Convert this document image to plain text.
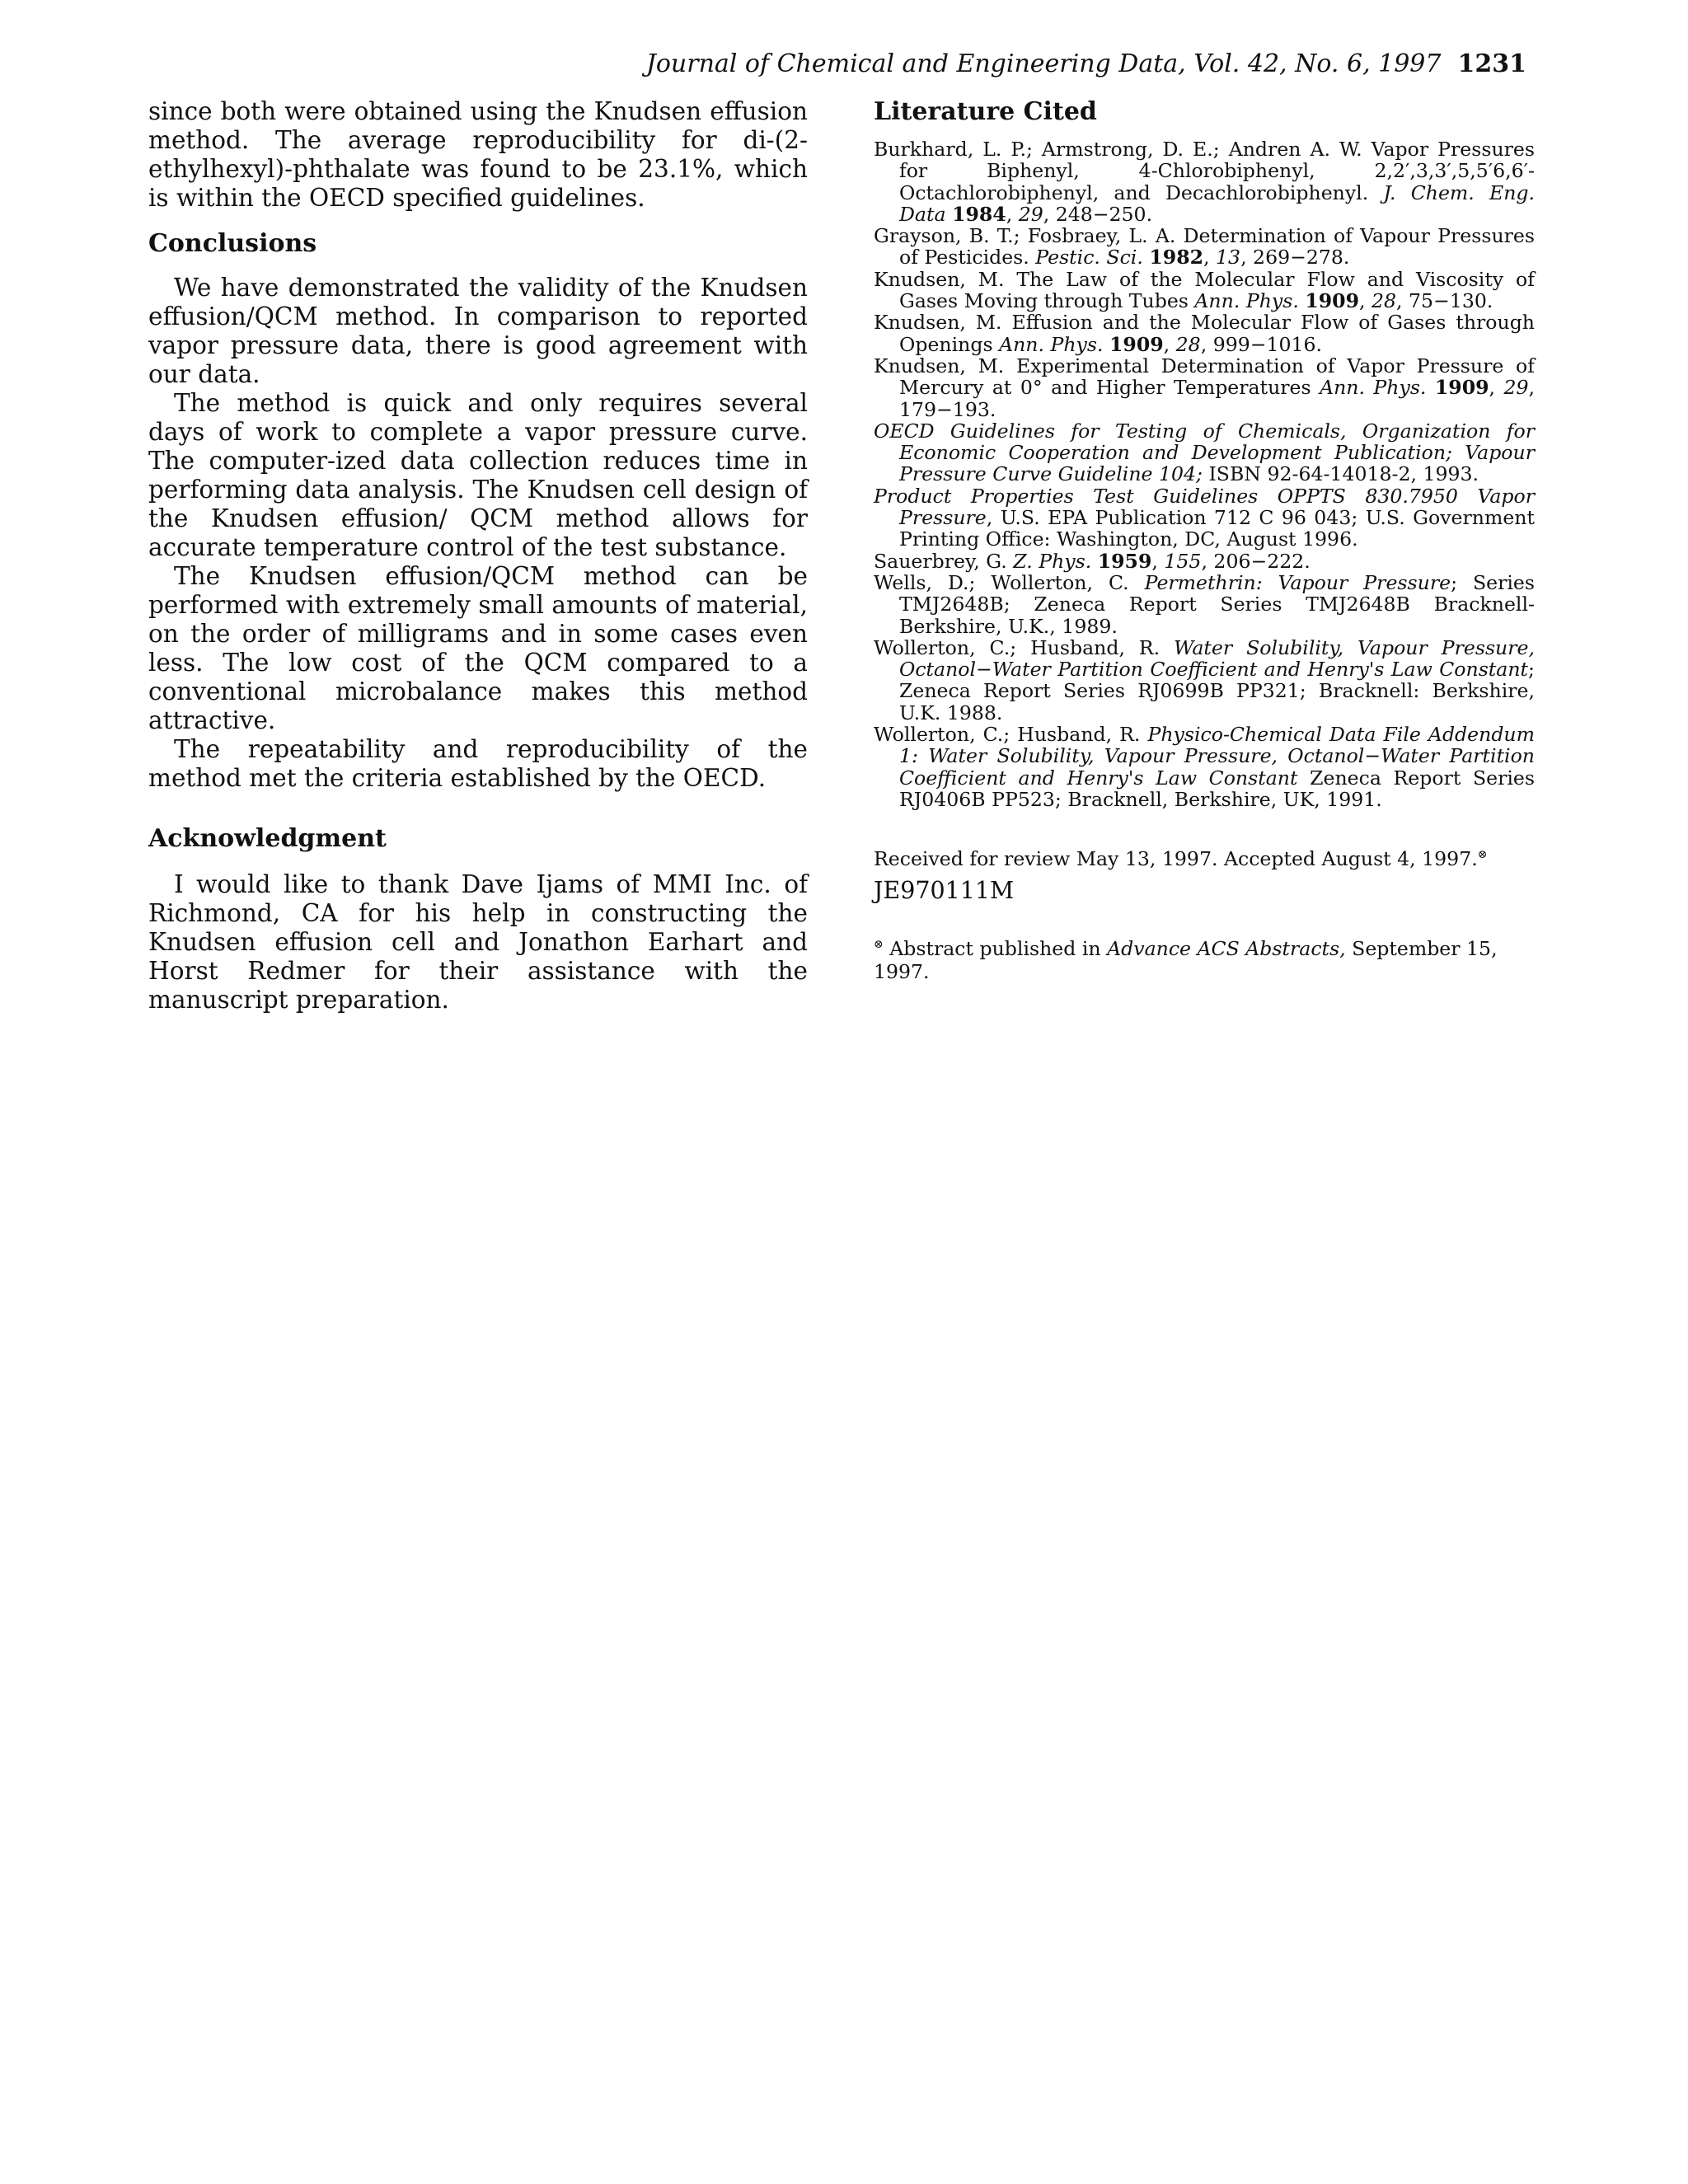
Journal of Chemical and Engineering Data, Vol. 42, No. 6, 1997 1231

since both were obtained using the Knudsen effusion method. The average reproducibility for di-(2-ethylhexyl)-phthalate was found to be 23.1%, which is within the OECD specified guidelines.

Conclusions

We have demonstrated the validity of the Knudsen effusion/QCM method. In comparison to reported vapor pressure data, there is good agreement with our data.

The method is quick and only requires several days of work to complete a vapor pressure curve. The computer-ized data collection reduces time in performing data analysis. The Knudsen cell design of the Knudsen effusion/ QCM method allows for accurate temperature control of the test substance.

The Knudsen effusion/QCM method can be performed with extremely small amounts of material, on the order of milligrams and in some cases even less. The low cost of the QCM compared to a conventional microbalance makes this method attractive.

The repeatability and reproducibility of the method met the criteria established by the OECD.

Acknowledgment

I would like to thank Dave Ijams of MMI Inc. of Richmond, CA for his help in constructing the Knudsen effusion cell and Jonathon Earhart and Horst Redmer for their assistance with the manuscript preparation.

Literature Cited
Burkhard, L. P.; Armstrong, D. E.; Andren A. W. Vapor Pressures for Biphenyl, 4-Chlorobiphenyl, 2,2′,3,3′,5,5′6,6′-Octachlorobiphenyl, and Decachlorobiphenyl. J. Chem. Eng. Data 1984, 29, 248−250.
Grayson, B. T.; Fosbraey, L. A. Determination of Vapour Pressures of Pesticides. Pestic. Sci. 1982, 13, 269−278.
Knudsen, M. The Law of the Molecular Flow and Viscosity of Gases Moving through Tubes Ann. Phys. 1909, 28, 75−130.
Knudsen, M. Effusion and the Molecular Flow of Gases through Openings Ann. Phys. 1909, 28, 999−1016.
Knudsen, M. Experimental Determination of Vapor Pressure of Mercury at 0° and Higher Temperatures Ann. Phys. 1909, 29, 179−193.
OECD Guidelines for Testing of Chemicals, Organization for Economic Cooperation and Development Publication; Vapour Pressure Curve Guideline 104; ISBN 92-64-14018-2, 1993.
Product Properties Test Guidelines OPPTS 830.7950 Vapor Pressure, U.S. EPA Publication 712 C 96 043; U.S. Government Printing Office: Washington, DC, August 1996.
Sauerbrey, G. Z. Phys. 1959, 155, 206−222.
Wells, D.; Wollerton, C. Permethrin: Vapour Pressure; Series TMJ2648B; Zeneca Report Series TMJ2648B Bracknell-Berkshire, U.K., 1989.
Wollerton, C.; Husband, R. Water Solubility, Vapour Pressure, Octanol−Water Partition Coefficient and Henry's Law Constant; Zeneca Report Series RJ0699B PP321; Bracknell: Berkshire, U.K. 1988.
Wollerton, C.; Husband, R. Physico-Chemical Data File Addendum 1: Water Solubility, Vapour Pressure, Octanol−Water Partition Coefficient and Henry's Law Constant Zeneca Report Series RJ0406B PP523; Bracknell, Berkshire, UK, 1991.

Received for review May 13, 1997. Accepted August 4, 1997.⊗

JE970111M

⊗ Abstract published in Advance ACS Abstracts, September 15, 1997.
